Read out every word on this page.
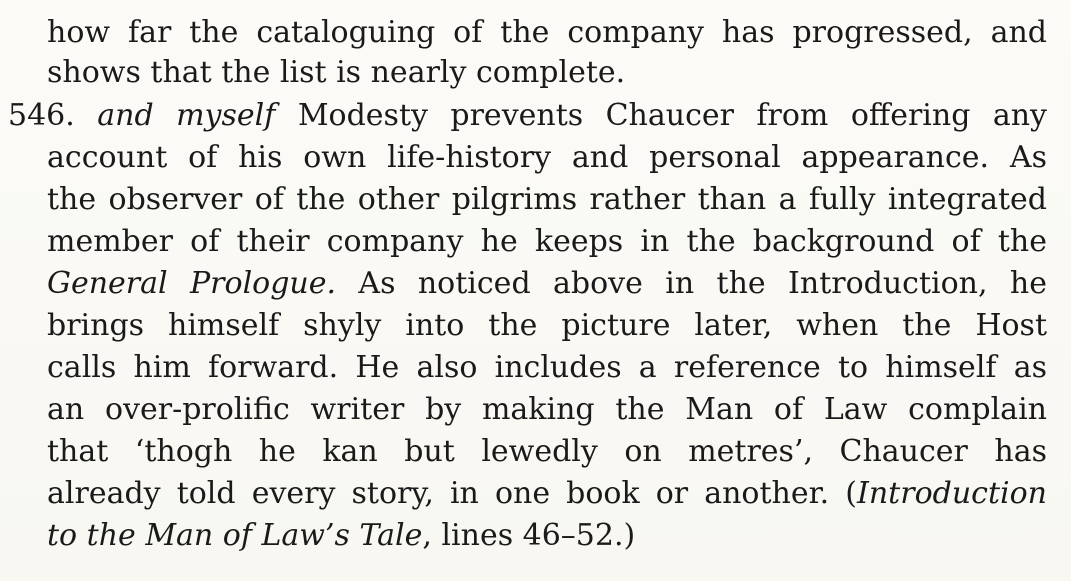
how far the cataloguing of the company has progressed, and
shows that the list is nearly complete.
546. and myself Modesty prevents Chaucer from offering any
account of his own life-history and personal appearance. As
the observer of the other pilgrims rather than a fully integrated
member of their company he keeps in the background of the
General Prologue. As noticed above in the Introduction, he
brings himself shyly into the picture later, when the Host
calls him forward. He also includes a reference to himself as
an over-prolific writer by making the Man of Law complain
that ‘thogh he kan but lewedly on metres’, Chaucer has
already told every story, in one book or another. (Introduction
to the Man of Law’s Tale, lines 46–52.)
